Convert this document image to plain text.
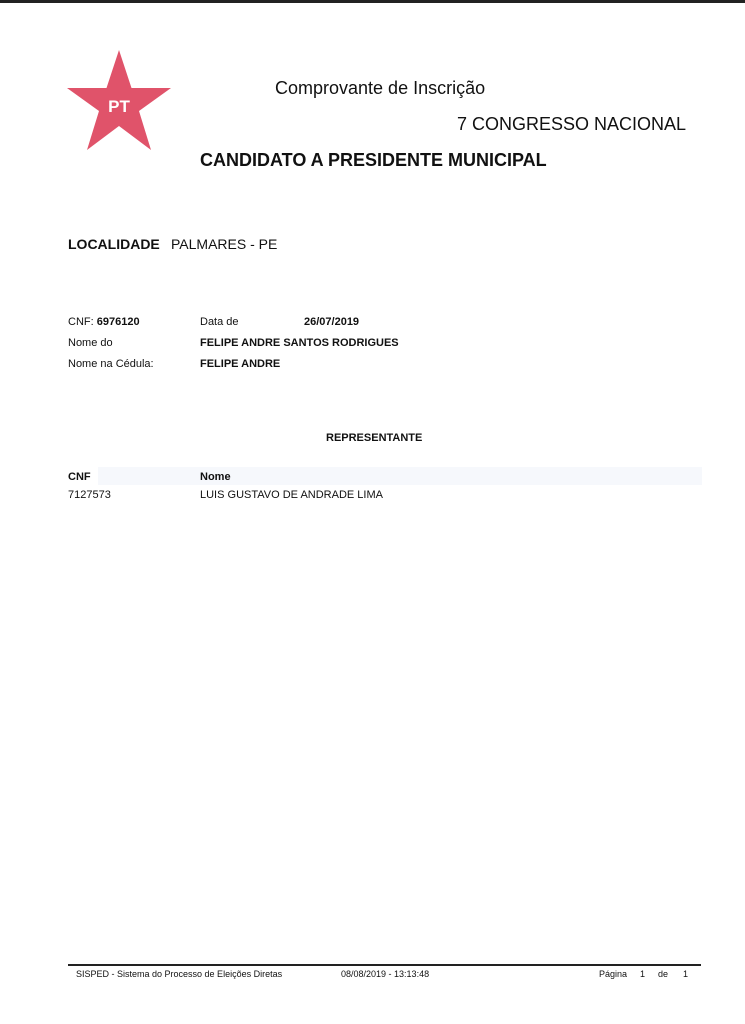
PT
Comprovante de Inscrição
7 CONGRESSO NACIONAL
CANDIDATO A PRESIDENTE MUNICIPAL
LOCALIDADE PALMARES - PE
CNF: 6976120	Data de	26/07/2019
Nome do	FELIPE ANDRE SANTOS RODRIGUES
Nome na Cédula:	FELIPE ANDRE
REPRESENTANTE
CNF	Nome
7127573	LUIS GUSTAVO DE ANDRADE LIMA
SISPED - Sistema do Processo de Eleições Diretas	08/08/2019 - 13:13:48	Página 1 de 1
